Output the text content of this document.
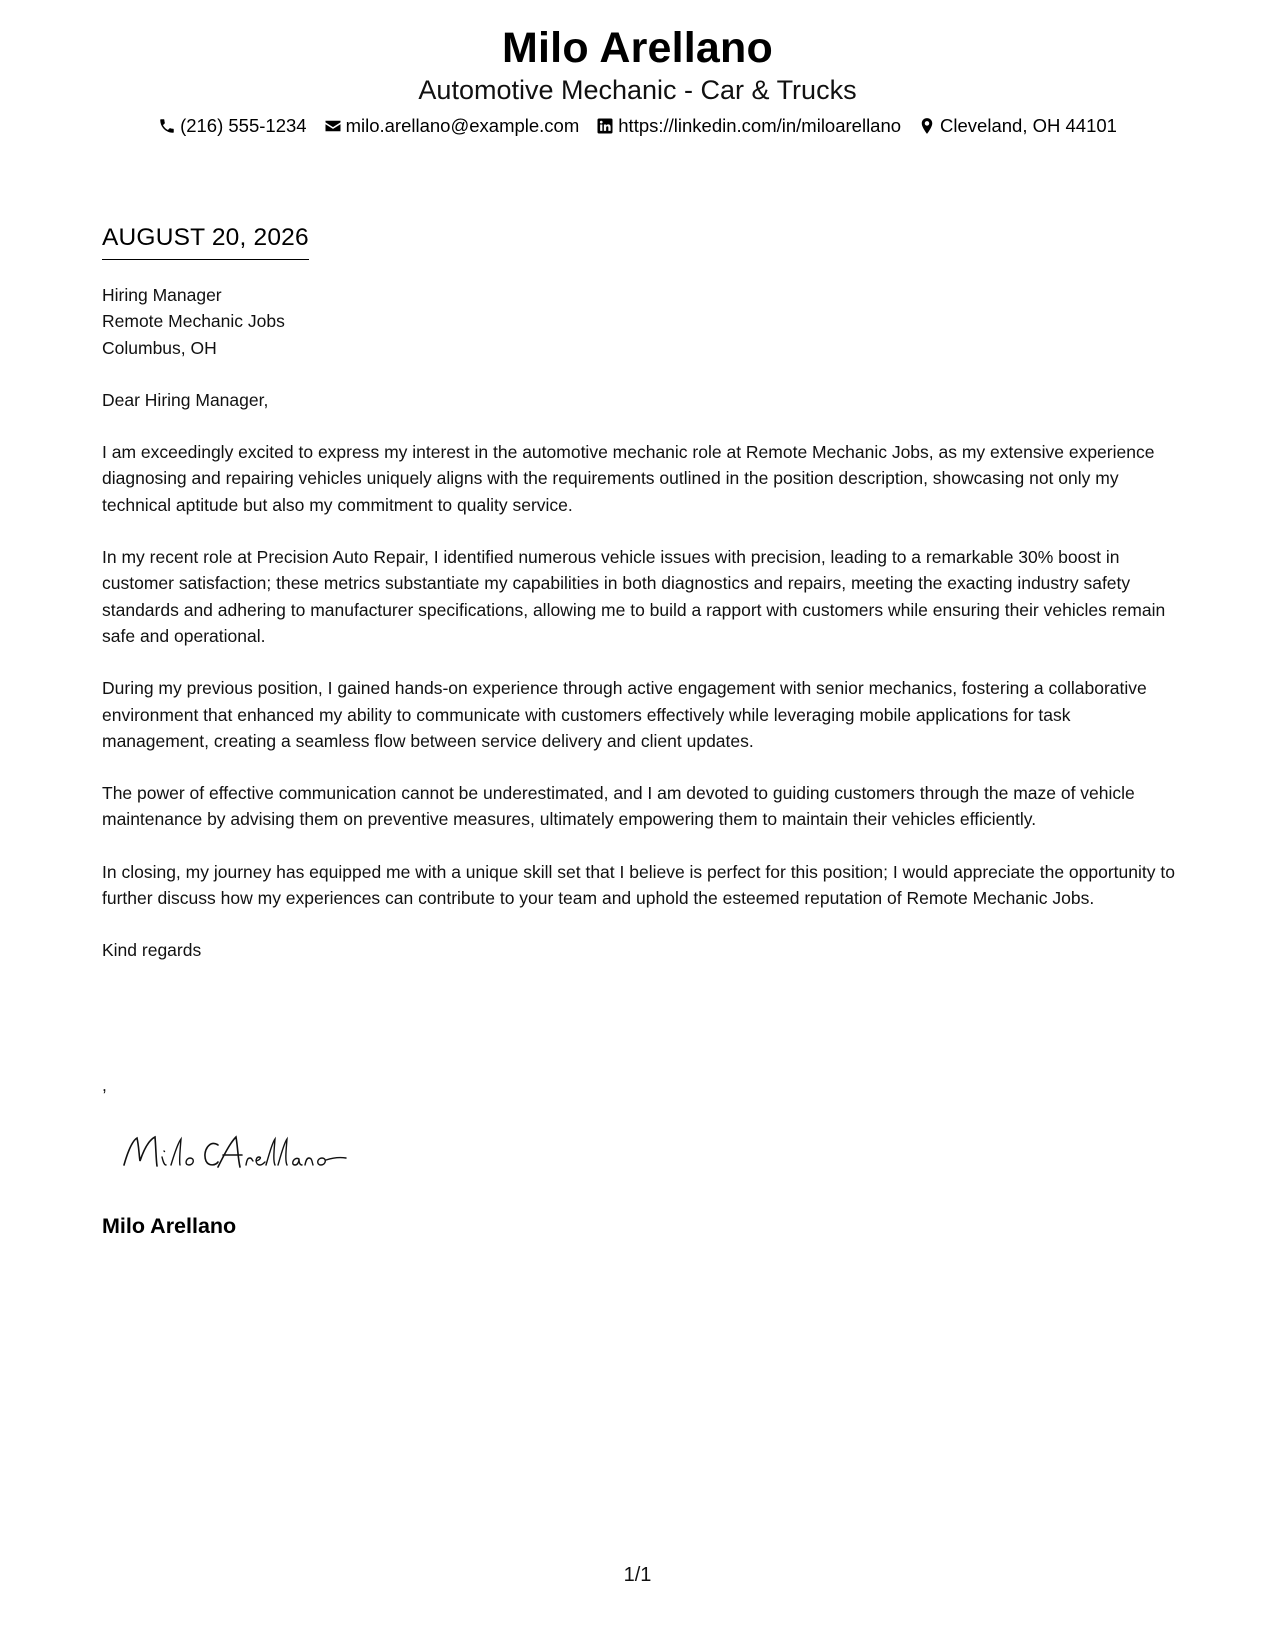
Milo Arellano
Automotive Mechanic - Car & Trucks
(216) 555-1234 milo.arellano@example.com https://linkedin.com/in/miloarellano Cleveland, OH 44101
AUGUST 20, 2026
Hiring Manager
Remote Mechanic Jobs
Columbus, OH

Dear Hiring Manager,

I am exceedingly excited to express my interest in the automotive mechanic role at Remote Mechanic Jobs, as my extensive experience diagnosing and repairing vehicles uniquely aligns with the requirements outlined in the position description, showcasing not only my technical aptitude but also my commitment to quality service.

In my recent role at Precision Auto Repair, I identified numerous vehicle issues with precision, leading to a remarkable 30% boost in customer satisfaction; these metrics substantiate my capabilities in both diagnostics and repairs, meeting the exacting industry safety standards and adhering to manufacturer specifications, allowing me to build a rapport with customers while ensuring their vehicles remain safe and operational.

During my previous position, I gained hands-on experience through active engagement with senior mechanics, fostering a collaborative environment that enhanced my ability to communicate with customers effectively while leveraging mobile applications for task management, creating a seamless flow between service delivery and client updates.

The power of effective communication cannot be underestimated, and I am devoted to guiding customers through the maze of vehicle maintenance by advising them on preventive measures, ultimately empowering them to maintain their vehicles efficiently.

In closing, my journey has equipped me with a unique skill set that I believe is perfect for this position; I would appreciate the opportunity to further discuss how my experiences can contribute to your team and uphold the esteemed reputation of Remote Mechanic Jobs.

Kind regards

,
Milo Arellano
1/1
